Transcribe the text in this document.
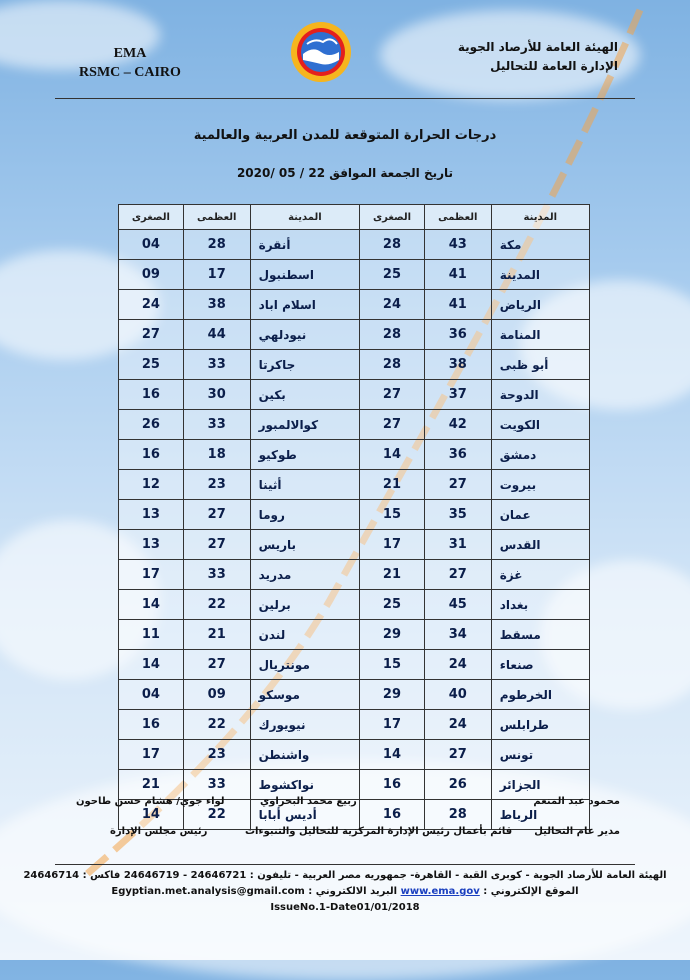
EMA
RSMC – CAIRO
الهيئة العامة للأرصاد الجوية
الإدارة العامة للتحاليل
درجات الحرارة المتوقعة للمدن العربية والعالمية
تاريخ الجمعة الموافق 22 / 05 /2020
المدينة	العظمى	الصغرى	المدينة	العظمى	الصغرى
مكة	43	28	أنقرة	28	04
المدينة	41	25	اسطنبول	17	09
الرياض	41	24	اسلام اباد	38	24
المنامة	36	28	نيودلهي	44	27
أبو ظبى	38	28	جاكرتا	33	25
الدوحة	37	27	بكين	30	16
الكويت	42	27	كوالالمبور	33	26
دمشق	36	14	طوكيو	18	16
بيروت	27	21	أثينا	23	12
عمان	35	15	روما	27	13
القدس	31	17	باريس	27	13
غزة	27	21	مدريد	33	17
بغداد	45	25	برلين	22	14
مسقط	34	29	لندن	21	11
صنعاء	24	15	مونتريال	27	14
الخرطوم	40	29	موسكو	09	04
طرابلس	24	17	نيويورك	22	16
تونس	27	14	واشنطن	23	17
الجزائر	26	16	نواكشوط	33	21
الرباط	28	16	أديس أبابا	22	14
محمود عبد المنعم
ربيع محمد البحراوي
لواء جوي/ هشام حسن طاحون
مدير عام التحاليل
قائم بأعمال رئيس الإدارة المركزية للتحاليل والتنبوءات
رئيس مجلس الإدارة
الهيئة العامة للأرصاد الجوية - كوبرى القبة - القاهرة- جمهوريه مصر العربية - تليفون : 24646721 - 24646719 فاكس : 24646714
الموقع الإلكتروني : www.ema.gov البريد الالكتروني : Egyptian.met.analysis@gmail.com
IssueNo.1-Date01/01/2018
